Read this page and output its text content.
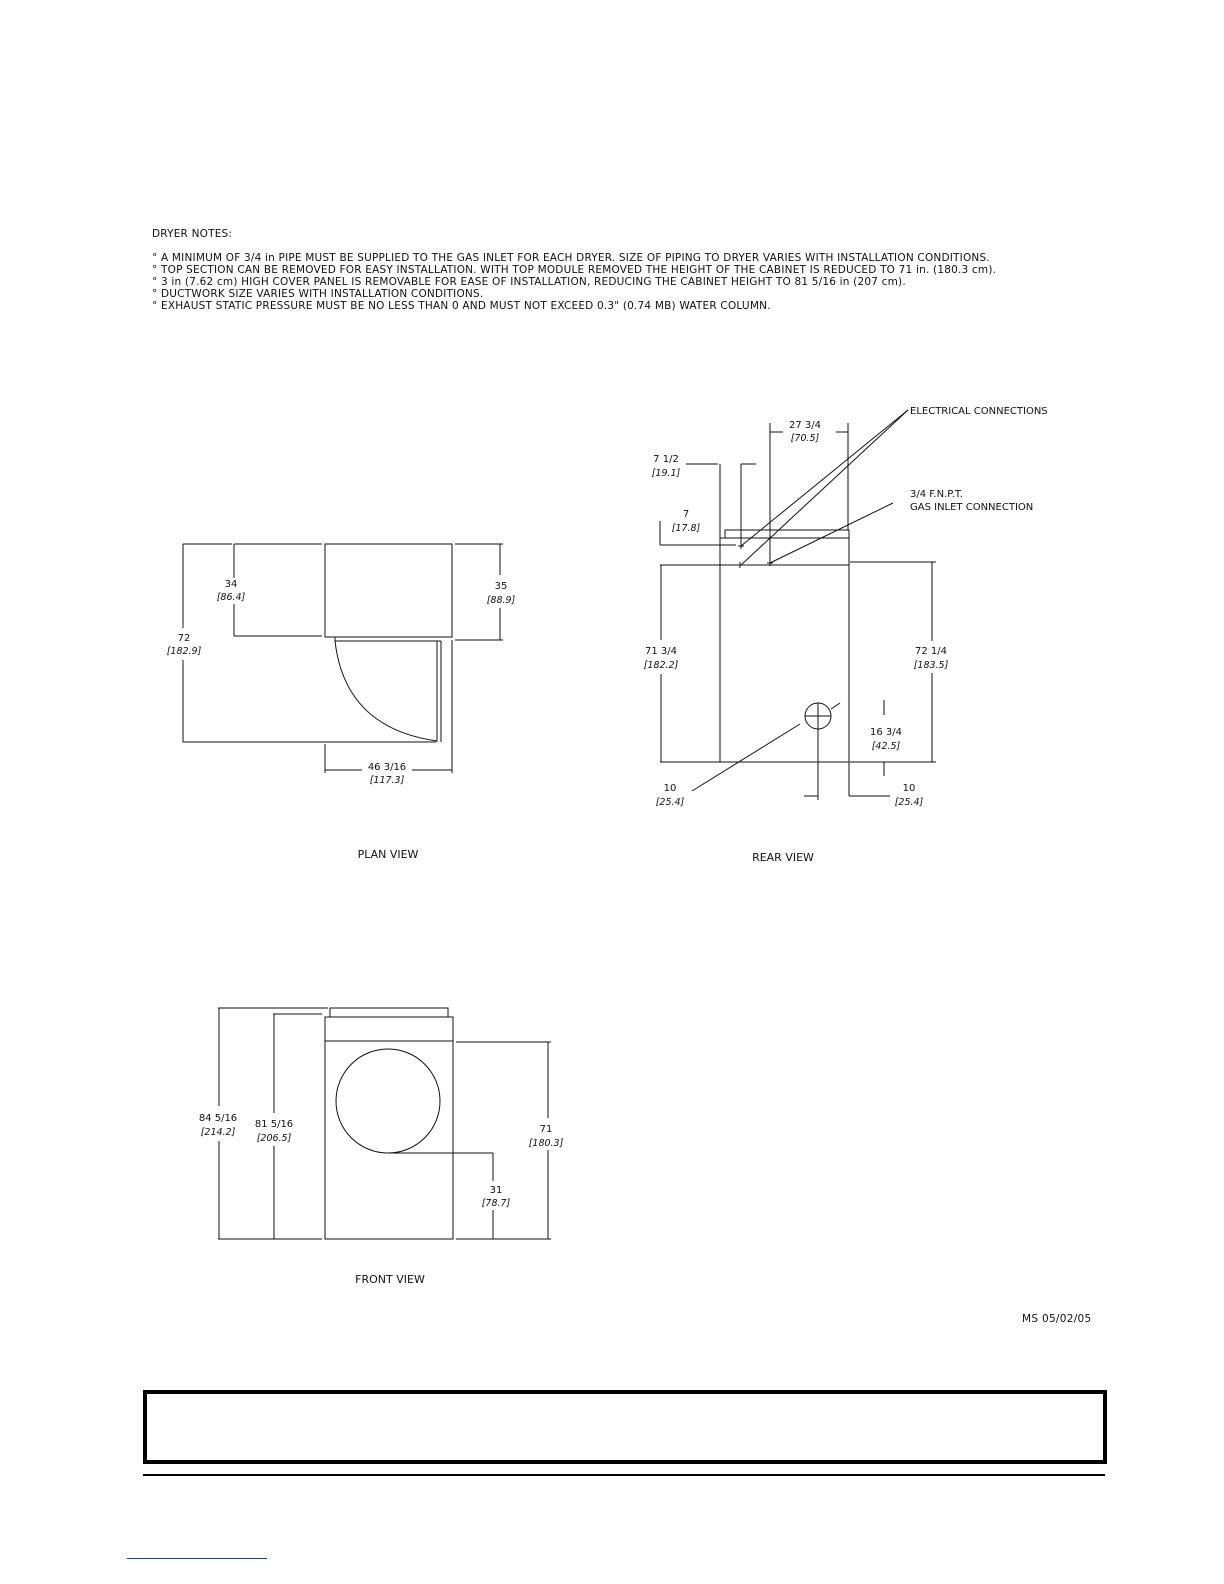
DRYER NOTES:
° A MINIMUM OF 3/4 in PIPE MUST BE SUPPLIED TO THE GAS INLET FOR EACH DRYER. SIZE OF PIPING TO DRYER VARIES WITH INSTALLATION CONDITIONS.
° TOP SECTION CAN BE REMOVED FOR EASY INSTALLATION. WITH TOP MODULE REMOVED THE HEIGHT OF THE CABINET IS REDUCED TO 71 in. (180.3 cm).
° 3 in (7.62 cm) HIGH COVER PANEL IS REMOVABLE FOR EASE OF INSTALLATION, REDUCING THE CABINET HEIGHT TO 81 5/16 in (207 cm).
° DUCTWORK SIZE VARIES WITH INSTALLATION CONDITIONS.
° EXHAUST STATIC PRESSURE MUST BE NO LESS THAN 0 AND MUST NOT EXCEED 0.3" (0.74 MB) WATER COLUMN.
34
[86.4]
72
[182.9]
35
[88.9]
46 3/16
[117.3]
PLAN VIEW
ELECTRICAL CONNECTIONS
3/4 F.N.P.T.
GAS INLET CONNECTION
27 3/4
[70.5]
7 1/2
[19.1]
7
[17.8]
71 3/4
[182.2]
72 1/4
[183.5]
16 3/4
[42.5]
10
[25.4]
10
[25.4]
REAR VIEW
84 5/16
[214.2]
81 5/16
[206.5]
71
[180.3]
31
[78.7]
FRONT VIEW
MS 05/02/05
